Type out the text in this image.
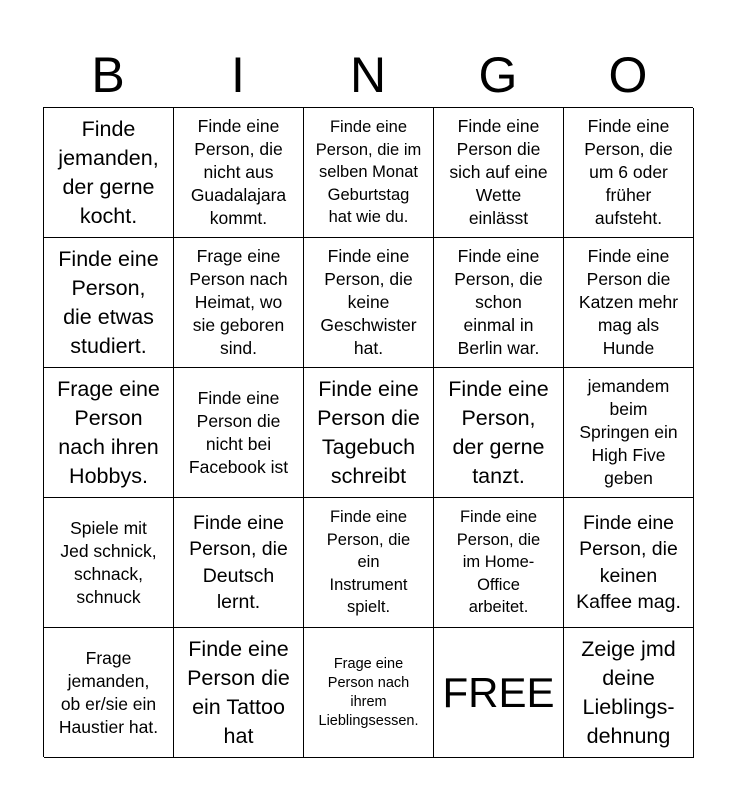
B	I	N	G	O
Finde
jemanden,
der gerne
kocht.
Finde eine
Person, die
nicht aus
Guadalajara
kommt.
Finde eine
Person, die im
selben Monat
Geburtstag
hat wie du.
Finde eine
Person die
sich auf eine
Wette
einlässt
Finde eine
Person, die
um 6 oder
früher
aufsteht.
Finde eine
Person,
die etwas
studiert.
Frage eine
Person nach
Heimat, wo
sie geboren
sind.
Finde eine
Person, die
keine
Geschwister
hat.
Finde eine
Person, die
schon
einmal in
Berlin war.
Finde eine
Person die
Katzen mehr
mag als
Hunde
Frage eine
Person
nach ihren
Hobbys.
Finde eine
Person die
nicht bei
Facebook ist
Finde eine
Person die
Tagebuch
schreibt
Finde eine
Person,
der gerne
tanzt.
jemandem
beim
Springen ein
High Five
geben
Spiele mit
Jed schnick,
schnack,
schnuck
Finde eine
Person, die
Deutsch
lernt.
Finde eine
Person, die
ein
Instrument
spielt.
Finde eine
Person, die
im Home-
Office
arbeitet.
Finde eine
Person, die
keinen
Kaffee mag.
Frage
jemanden,
ob er/sie ein
Haustier hat.
Finde eine
Person die
ein Tattoo
hat
Frage eine
Person nach
ihrem
Lieblingsessen.
FREE
Zeige jmd
deine
Lieblings-
dehnung
